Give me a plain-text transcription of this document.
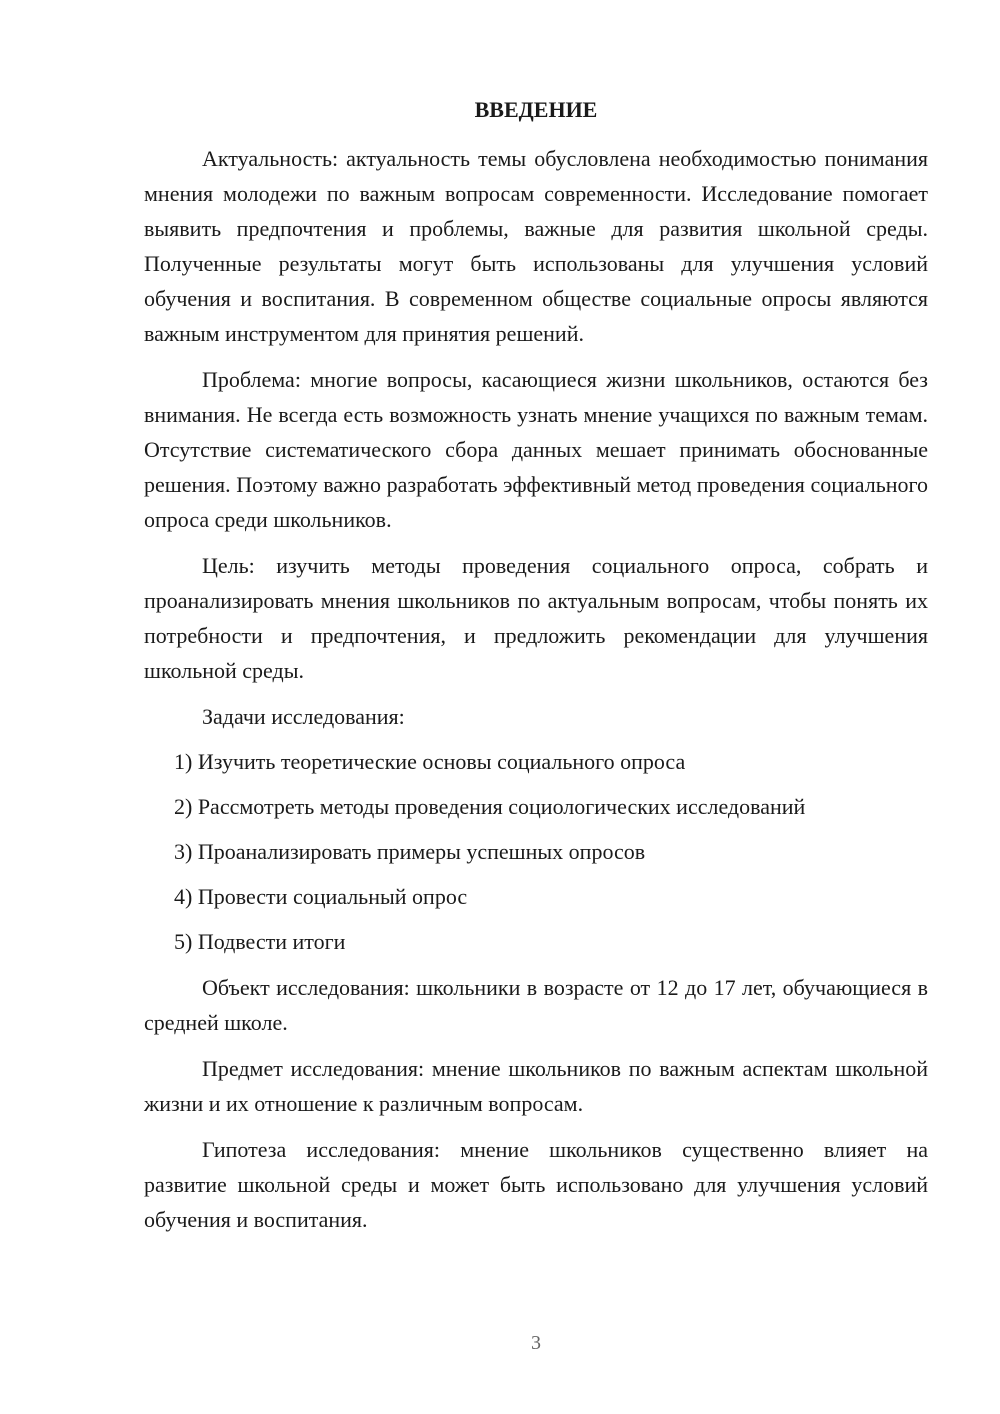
ВВЕДЕНИЕ

Актуальность: актуальность темы обусловлена необходимостью понимания мнения молодежи по важным вопросам современности. Исследование помогает выявить предпочтения и проблемы, важные для развития школьной среды. Полученные результаты могут быть использованы для улучшения условий обучения и воспитания. В современном обществе социальные опросы являются важным инструментом для принятия решений.

Проблема: многие вопросы, касающиеся жизни школьников, остаются без внимания. Не всегда есть возможность узнать мнение учащихся по важным темам. Отсутствие систематического сбора данных мешает принимать обоснованные решения. Поэтому важно разработать эффективный метод проведения социального опроса среди школьников.

Цель: изучить методы проведения социального опроса, собрать и проанализировать мнения школьников по актуальным вопросам, чтобы понять их потребности и предпочтения, и предложить рекомендации для улучшения школьной среды.

Задачи исследования:
1) Изучить теоретические основы социального опроса
2) Рассмотреть методы проведения социологических исследований
3) Проанализировать примеры успешных опросов
4) Провести социальный опрос
5) Подвести итоги

Объект исследования: школьники в возрасте от 12 до 17 лет, обучающиеся в средней школе.

Предмет исследования: мнение школьников по важным аспектам школьной жизни и их отношение к различным вопросам.

Гипотеза исследования: мнение школьников существенно влияет на развитие школьной среды и может быть использовано для улучшения условий обучения и воспитания.

3
